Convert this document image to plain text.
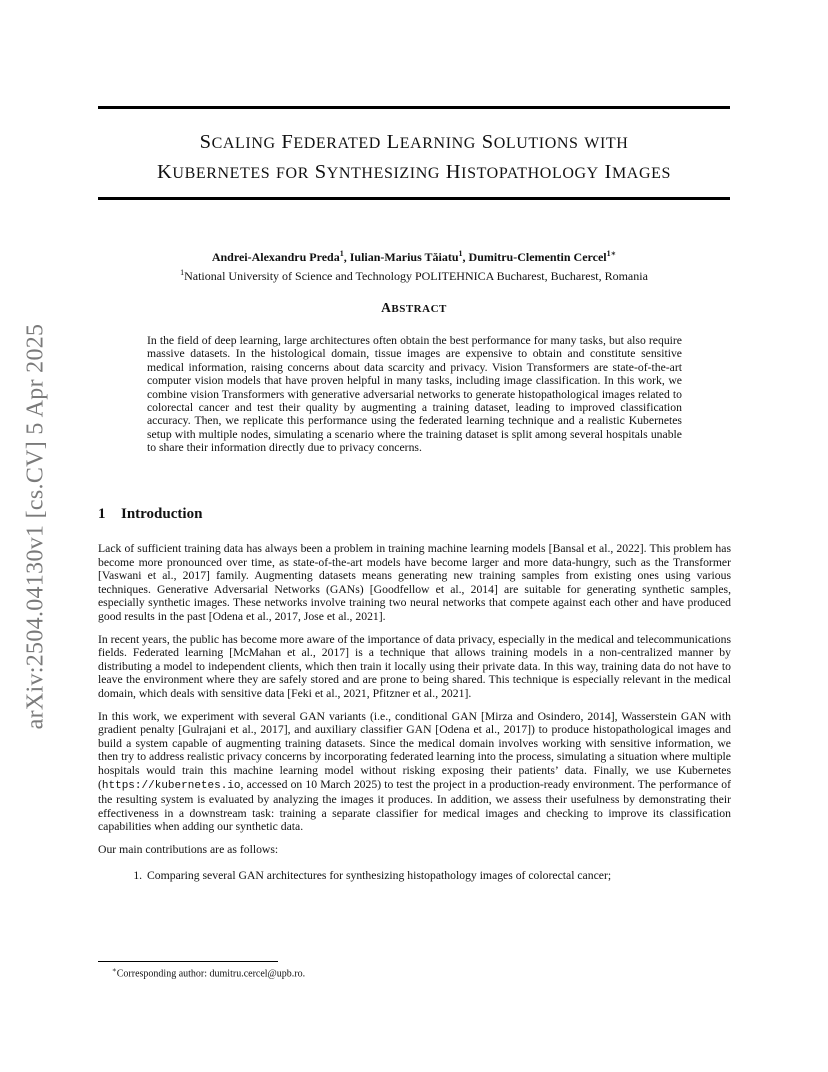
arXiv:2504.04130v1 [cs.CV] 5 Apr 2025
SCALING FEDERATED LEARNING SOLUTIONS WITH
KUBERNETES FOR SYNTHESIZING HISTOPATHOLOGY IMAGES
Andrei-Alexandru Preda$^1$, Iulian-Marius Tăiatu$^1$, Dumitru-Clementin Cercel$^{1∗}$
$^1$National University of Science and Technology POLITEHNICA Bucharest, Bucharest, Romania
ABSTRACT

In the field of deep learning, large architectures often obtain the best performance for many tasks, but also require massive datasets. In the histological domain, tissue images are expensive to obtain and constitute sensitive medical information, raising concerns about data scarcity and privacy. Vision Transformers are state-of-the-art computer vision models that have proven helpful in many tasks, including image classification. In this work, we combine vision Transformers with generative adversarial networks to generate histopathological images related to colorectal cancer and test their quality by augmenting a training dataset, leading to improved classification accuracy. Then, we replicate this performance using the federated learning technique and a realistic Kubernetes setup with multiple nodes, simulating a scenario where the training dataset is split among several hospitals unable to share their information directly due to privacy concerns.

1 Introduction

Lack of sufficient training data has always been a problem in training machine learning models [Bansal et al., 2022]. This problem has become more pronounced over time, as state-of-the-art models have become larger and more data-hungry, such as the Transformer [Vaswani et al., 2017] family. Augmenting datasets means generating new training samples from existing ones using various techniques. Generative Adversarial Networks (GANs) [Goodfellow et al., 2014] are suitable for generating synthetic samples, especially synthetic images. These networks involve training two neural networks that compete against each other and have produced good results in the past [Odena et al., 2017, Jose et al., 2021].

In recent years, the public has become more aware of the importance of data privacy, especially in the medical and telecommunications fields. Federated learning [McMahan et al., 2017] is a technique that allows training models in a non-centralized manner by distributing a model to independent clients, which then train it locally using their private data. In this way, training data do not have to leave the environment where they are safely stored and are prone to being shared. This technique is especially relevant in the medical domain, which deals with sensitive data [Feki et al., 2021, Pfitzner et al., 2021].

In this work, we experiment with several GAN variants (i.e., conditional GAN [Mirza and Osindero, 2014], Wasserstein GAN with gradient penalty [Gulrajani et al., 2017], and auxiliary classifier GAN [Odena et al., 2017]) to produce histopathological images and build a system capable of augmenting training datasets. Since the medical domain involves working with sensitive information, we then try to address realistic privacy concerns by incorporating federated learning into the process, simulating a situation where multiple hospitals would train this machine learning model without risking exposing their patients’ data. Finally, we use Kubernetes (https://kubernetes.io, accessed on 10 March 2025) to test the project in a production-ready environment. The performance of the resulting system is evaluated by analyzing the images it produces. In addition, we assess their usefulness by demonstrating their effectiveness in a downstream task: training a separate classifier for medical images and checking to improve its classification capabilities when adding our synthetic data.

Our main contributions are as follows:

1. Comparing several GAN architectures for synthesizing histopathology images of colorectal cancer;
∗Corresponding author: dumitru.cercel@upb.ro.
